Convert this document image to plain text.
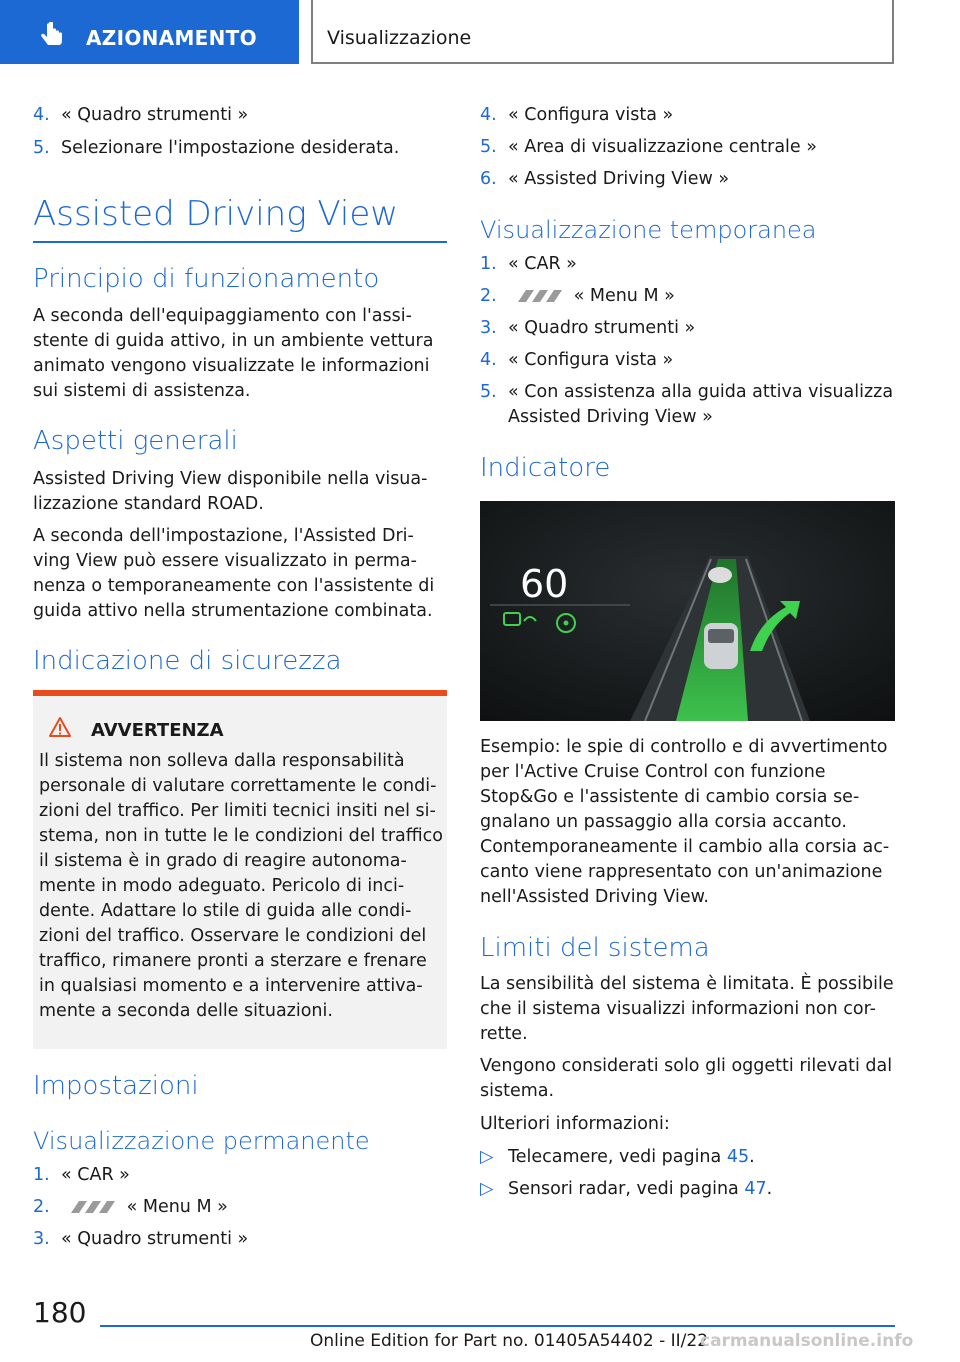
AZIONAMENTO	Visualizzazione
4. « Quadro strumenti »
5. Selezionare l'impostazione desiderata.
Assisted Driving View
Principio di funzionamento
A seconda dell'equipaggiamento con l'assi-
stente di guida attivo, in un ambiente vettura
animato vengono visualizzate le informazioni
sui sistemi di assistenza.
Aspetti generali
Assisted Driving View disponibile nella visua-
lizzazione standard ROAD.
A seconda dell'impostazione, l'Assisted Dri-
ving View può essere visualizzato in perma-
nenza o temporaneamente con l'assistente di
guida attivo nella strumentazione combinata.
Indicazione di sicurezza
AVVERTENZA
Il sistema non solleva dalla responsabilità
personale di valutare correttamente le condi-
zioni del traffico. Per limiti tecnici insiti nel si-
stema, non in tutte le le condizioni del traffico
il sistema è in grado di reagire autonoma-
mente in modo adeguato. Pericolo di inci-
dente. Adattare lo stile di guida alle condi-
zioni del traffico. Osservare le condizioni del
traffico, rimanere pronti a sterzare e frenare
in qualsiasi momento e a intervenire attiva-
mente a seconda delle situazioni.
Impostazioni
Visualizzazione permanente
1. « CAR »
2.	« Menu M »
3. « Quadro strumenti »
4. « Configura vista »
5. « Area di visualizzazione centrale »
6. « Assisted Driving View »
Visualizzazione temporanea
1. « CAR »
2.	« Menu M »
3. « Quadro strumenti »
4. « Configura vista »
5. « Con assistenza alla guida attiva visualizza
Assisted Driving View »
Indicatore
60
Esempio: le spie di controllo e di avvertimento
per l'Active Cruise Control con funzione
Stop&Go e l'assistente di cambio corsia se-
gnalano un passaggio alla corsia accanto.
Contemporaneamente il cambio alla corsia ac-
canto viene rappresentato con un'animazione
nell'Assisted Driving View.
Limiti del sistema
La sensibilità del sistema è limitata. È possibile
che il sistema visualizzi informazioni non cor-
rette.
Vengono considerati solo gli oggetti rilevati dal
sistema.
Ulteriori informazioni:
▷ Telecamere, vedi pagina 45.
▷ Sensori radar, vedi pagina 47.
180
Online Edition for Part no. 01405A54402 - II/22
carmanualsonline.info
